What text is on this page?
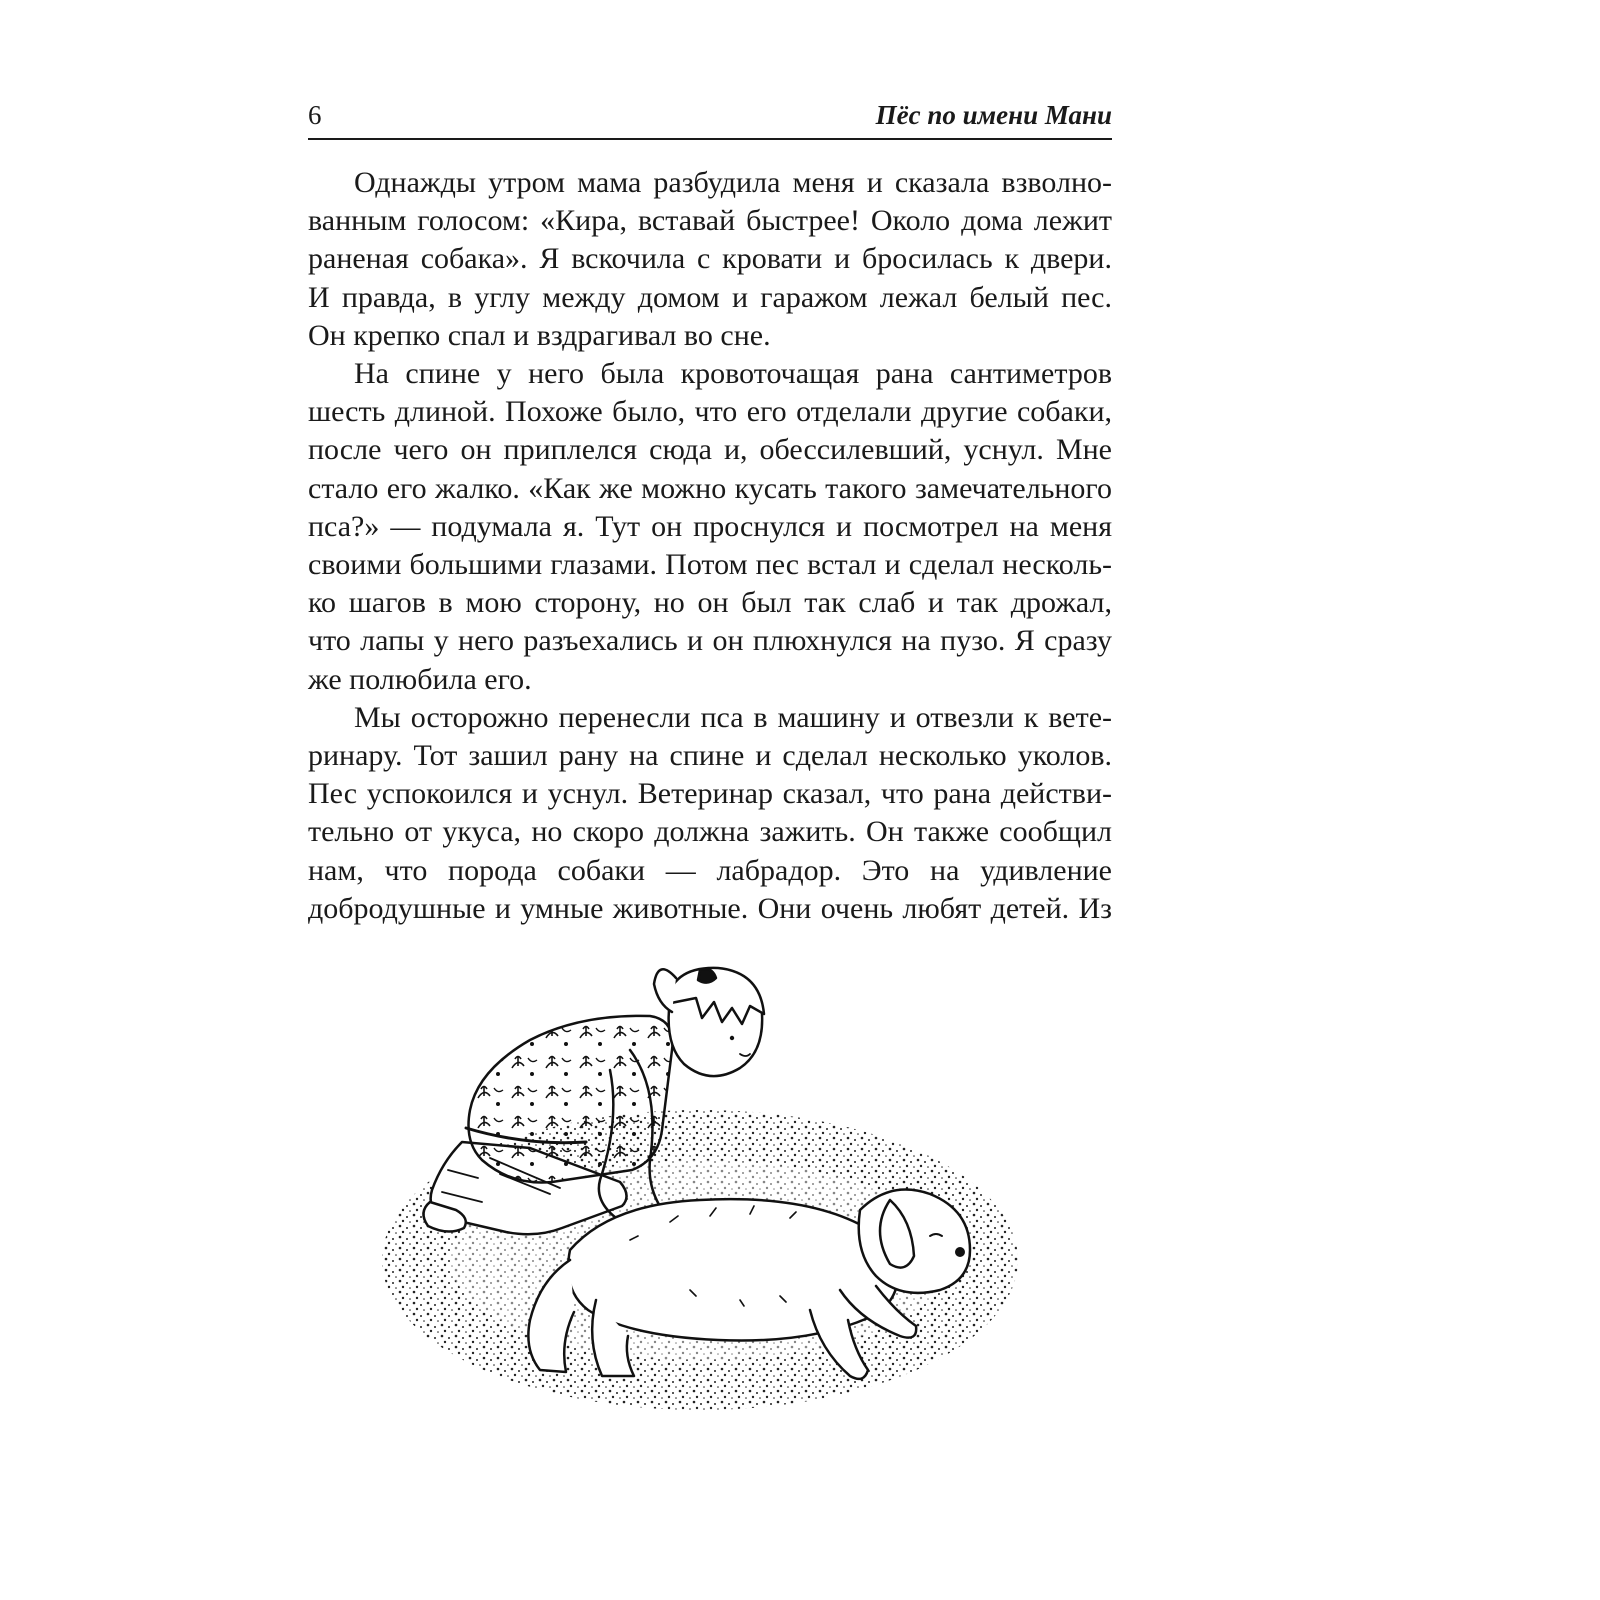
6	Пёс по имени Мани
Однажды утром мама разбудила меня и сказала взволно-
ванным голосом: «Кира, вставай быстрее! Около дома лежит
раненая собака». Я вскочила с кровати и бросилась к двери.
И правда, в углу между домом и гаражом лежал белый пес.
Он крепко спал и вздрагивал во сне.
На спине у него была кровоточащая рана сантиметров
шесть длиной. Похоже было, что его отделали другие собаки,
после чего он приплелся сюда и, обессилевший, уснул. Мне
стало его жалко. «Как же можно кусать такого замечательного
пса?» — подумала я. Тут он проснулся и посмотрел на меня
своими большими глазами. Потом пес встал и сделал несколь-
ко шагов в мою сторону, но он был так слаб и так дрожал,
что лапы у него разъехались и он плюхнулся на пузо. Я сразу
же полюбила его.
Мы осторожно перенесли пса в машину и отвезли к вете-
ринару. Тот зашил рану на спине и сделал несколько уколов.
Пес успокоился и уснул. Ветеринар сказал, что рана действи-
тельно от укуса, но скоро должна зажить. Он также сообщил
нам, что порода собаки — лабрадор. Это на удивление
добродушные и умные животные. Они очень любят детей. Из
